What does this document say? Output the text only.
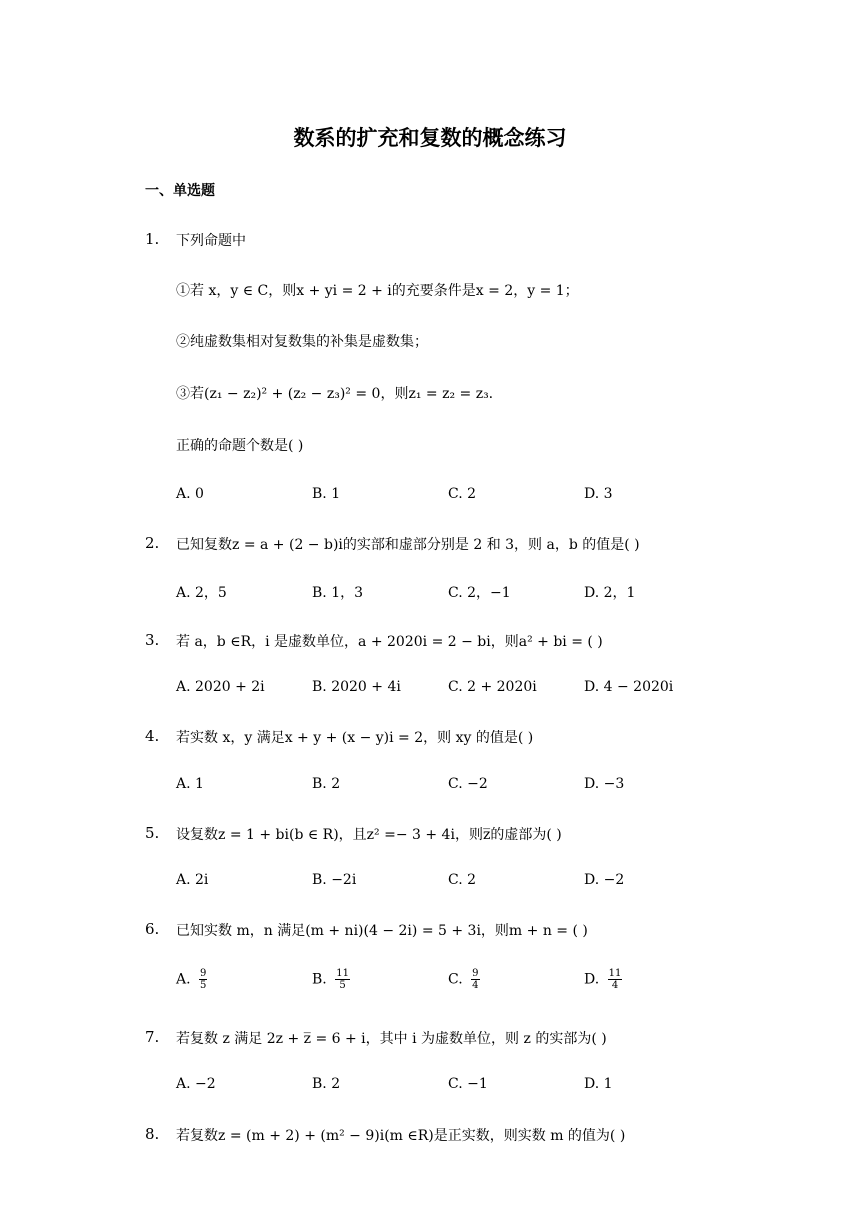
数系的扩充和复数的概念练习
一、单选题
1. 下列命题中
①若 x，y ∈ C，则x + yi = 2 + i的充要条件是x = 2，y = 1；
②纯虚数集相对复数集的补集是虚数集；
③若(z₁ − z₂)² + (z₂ − z₃)² = 0，则z₁ = z₂ = z₃.
正确的命题个数是( )
A. 0	B. 1	C. 2	D. 3
2. 已知复数z = a + (2 − b)i的实部和虚部分别是 2 和 3，则 a，b 的值是( )
A. 2，5	B. 1，3	C. 2，−1	D. 2，1
3. 若 a，b ∈R，i 是虚数单位，a + 2020i = 2 − bi，则a² + bi = ( )
A. 2020 + 2i	B. 2020 + 4i	C. 2 + 2020i	D. 4 − 2020i
4. 若实数 x，y 满足x + y + (x − y)i = 2，则 xy 的值是( )
A. 1	B. 2	C. −2	D. −3
5. 设复数z = 1 + bi(b ∈ R)，且z² =− 3 + 4i，则z̅的虚部为( )
A. 2i	B. −2i	C. 2	D. −2
6. 已知实数 m，n 满足(m + ni)(4 − 2i) = 5 + 3i，则m + n = ( )
A. $\frac{9}{5}$	B. $\frac{11}{5}$	C. $\frac{9}{4}$	D. $\frac{11}{4}$
7. 若复数 z 满足 2z + z̅ = 6 + i，其中 i 为虚数单位，则 z 的实部为( )
A. −2	B. 2	C. −1	D. 1
8. 若复数z = (m + 2) + (m² − 9)i(m ∈R)是正实数，则实数 m 的值为( )
